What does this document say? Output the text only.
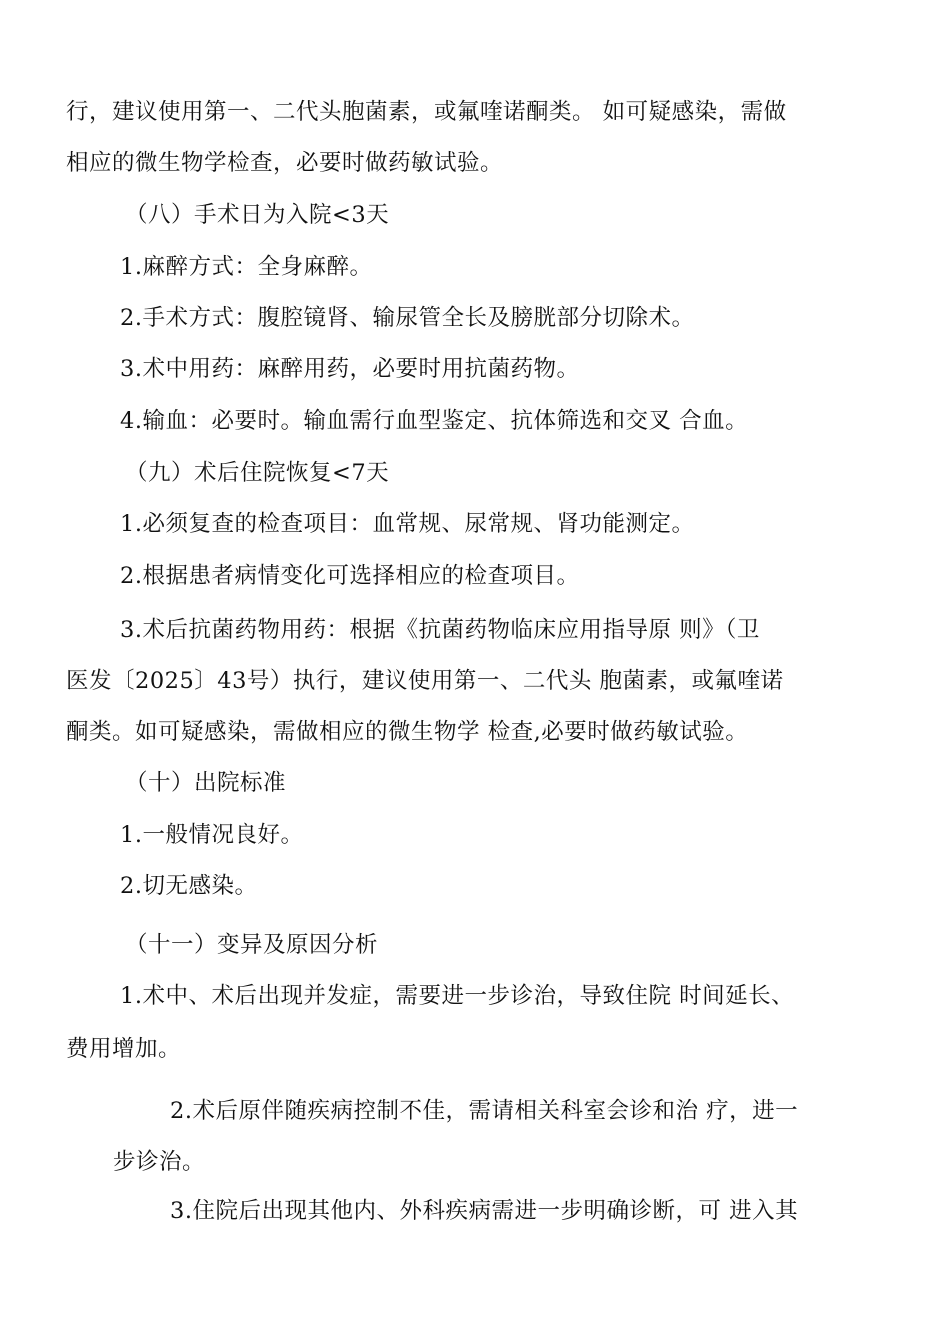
行，建议使用第一、二代头胞菌素，或氟喹诺酮类。 如可疑感染，需做
相应的微生物学检查，必要时做药敏试验。
（八）手术日为入院<3天
1.麻醉方式：全身麻醉。
2.手术方式：腹腔镜肾、输尿管全长及膀胱部分切除术。
3.术中用药：麻醉用药，必要时用抗菌药物。
4.输血：必要时。输血需行血型鉴定、抗体筛选和交叉 合血。
（九）术后住院恢复<7天
1.必须复查的检查项目：血常规、尿常规、肾功能测定。
2.根据患者病情变化可选择相应的检查项目。
3.术后抗菌药物用药：根据《抗菌药物临床应用指导原 则》（卫
医发〔2025〕43号）执行，建议使用第一、二代头 胞菌素，或氟喹诺
酮类。如可疑感染，需做相应的微生物学 检查,必要时做药敏试验。
（十）出院标准
1.一般情况良好。
2.切无感染。
（十一）变异及原因分析
1.术中、术后出现并发症，需要进一步诊治，导致住院 时间延长、
费用增加。
2.术后原伴随疾病控制不佳，需请相关科室会诊和治 疗，进一
步诊治。
3.住院后出现其他内、外科疾病需进一步明确诊断，可 进入其
